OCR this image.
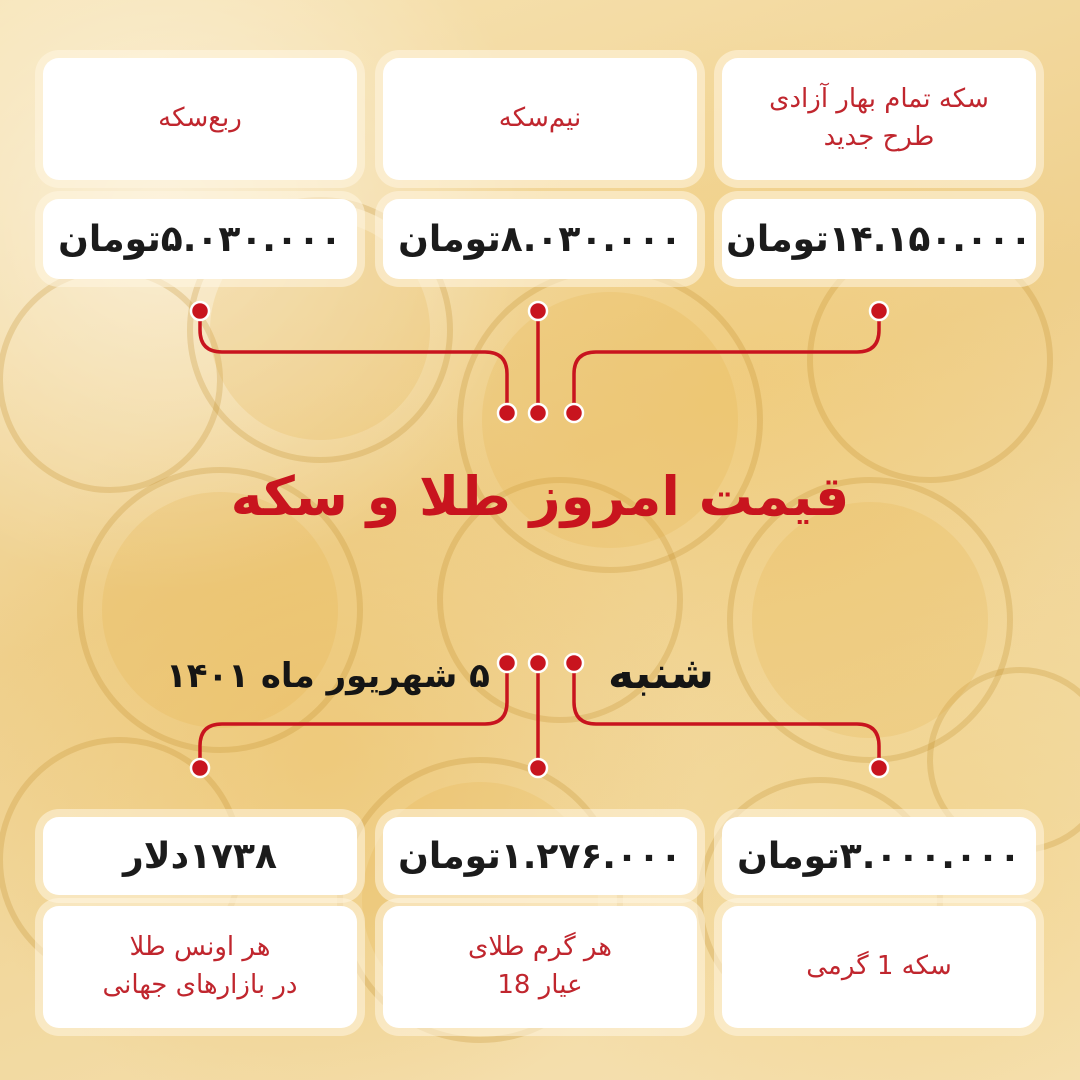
ربع‌سکه	نیم‌سکه
سکه تمام بهار آزادی
طرح جدید
۵.۰۳۰.۰۰۰تومان ۸.۰۳۰.۰۰۰تومان ۱۴.۱۵۰.۰۰۰تومان
قیمت امروز طلا و سکه
شنبه
۵ شهریور ماه ۱۴۰۱
۱۷۳۸دلار	۱.۲۷۶.۰۰۰تومان ۳.۰۰۰.۰۰۰تومان
هر اونس طلا
در بازارهای جهانی
هر گرم طلای
عیار 18
سکه 1 گرمی
